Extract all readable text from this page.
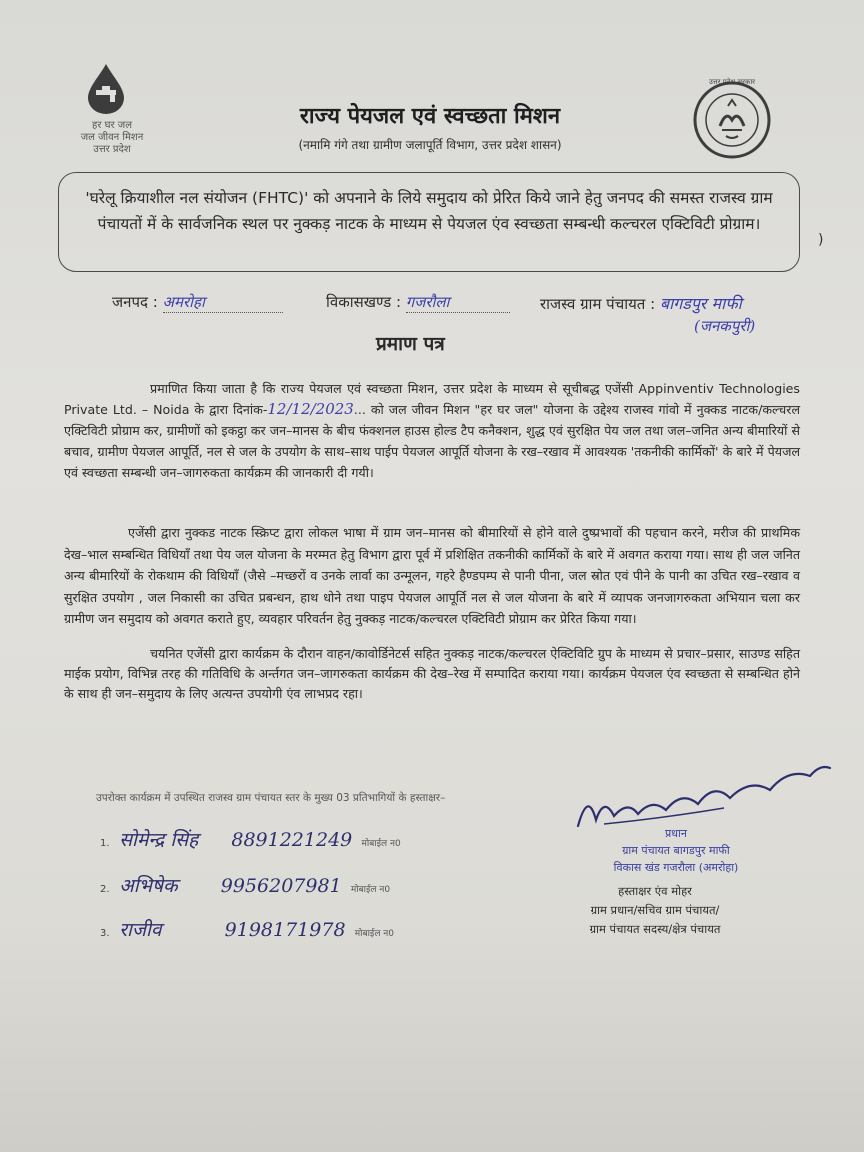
हर घर जल
जल जीवन मिशन
उत्तर प्रदेश
राज्य पेयजल एवं स्वच्छता मिशन
(नमामि गंगे तथा ग्रामीण जलापूर्ति विभाग, उत्तर प्रदेश शासन)
उत्तर प्रदेश सरकार
'घरेलू क्रियाशील नल संयोजन (FHTC)' को अपनाने के लिये समुदाय को प्रेरित किये जाने हेतु जनपद की समस्त राजस्व ग्राम पंचायतों में के सार्वजनिक स्थल पर नुक्कड़ नाटक के माध्यम से पेयजल एंव स्वच्छता सम्बन्धी कल्चरल एक्टिविटी प्रोग्राम।
)
जनपद : अमरोहा	विकासखण्ड : गजरौला	राजस्व ग्राम पंचायत : बागडपुर माफी
(जनकपुरी)
प्रमाण पत्र
प्रमाणित किया जाता है कि राज्य पेयजल एवं स्वच्छता मिशन, उत्तर प्रदेश के माध्यम से सूचीबद्ध एजेंसी Appinventiv Technologies Private Ltd. – Noida के द्वारा दिनांक-12/12/2023... को जल जीवन मिशन "हर घर जल" योजना के उद्देश्य राजस्व गांवो में नुक्कड नाटक/कल्चरल एक्टिविटी प्रोग्राम कर, ग्रामीणों को इकट्ठा कर जन–मानस के बीच फंक्शनल हाउस होल्ड टैप कनैक्शन, शुद्ध एवं सुरक्षित पेय जल तथा जल–जनित अन्य बीमारियों से बचाव, ग्रामीण पेयजल आपूर्ति, नल से जल के उपयोग के साथ–साथ पाईप पेयजल आपूर्ति योजना के रख–रखाव में आवश्यक 'तकनीकी कार्मिकों' के बारे में पेयजल एवं स्वच्छता सम्बन्धी जन–जागरुकता कार्यक्रम की जानकारी दी गयी।
एजेंसी द्वारा नुक्कड नाटक स्क्रिप्ट द्वारा लोकल भाषा में ग्राम जन–मानस को बीमारियों से होने वाले दुष्प्रभावों की पहचान करने, मरीज की प्राथमिक देख–भाल सम्बन्धित विधियाँ तथा पेय जल योजना के मरम्मत हेतु विभाग द्वारा पूर्व में प्रशिक्षित तकनीकी कार्मिकों के बारे में अवगत कराया गया। साथ ही जल जनित अन्य बीमारियों के रोकथाम की विधियाँ (जैसे –मच्छरों व उनके लार्वा का उन्मूलन, गहरे हैण्डपम्प से पानी पीना, जल स्रोत एवं पीने के पानी का उचित रख–रखाव व सुरक्षित उपयोग , जल निकासी का उचित प्रबन्धन, हाथ धोने तथा पाइप पेयजल आपूर्ति नल से जल योजना के बारे में व्यापक जनजागरुकता अभियान चला कर ग्रामीण जन समुदाय को अवगत कराते हुए, व्यवहार परिवर्तन हेतु नुक्कड़ नाटक/कल्चरल एक्टिविटी प्रोग्राम कर प्रेरित किया गया।
चयनित एजेंसी द्वारा कार्यक्रम के दौरान वाहन/कावोर्डिनेटर्स सहित नुक्कड़ नाटक/कल्चरल ऐक्टिविटि ग्रुप के माध्यम से प्रचार–प्रसार, साउण्ड सहित माईक प्रयोग, विभिन्न तरह की गतिविधि के अर्न्तगत जन–जागरुकता कार्यक्रम की देख–रेख में सम्पादित कराया गया। कार्यक्रम पेयजल एंव स्वच्छता से सम्बन्धित होने के साथ ही जन–समुदाय के लिए अत्यन्त उपयोगी एंव लाभप्रद रहा।
उपरोक्त कार्यक्रम में उपस्थित राजस्व ग्राम पंचायत स्तर के मुख्य 03 प्रतिभागियों के हस्ताक्षर–
1. सोमेन्द्र सिंह 8891221249 मोबाईल न0
2. अभिषेक 9956207981 मोबाईल न0
3. राजीव	9198171978 मोबाईल न0
प्रधान
ग्राम पंचायत बागडपुर माफी
विकास खंड गजरौला (अमरोहा)
हस्ताक्षर एंव मोहर
ग्राम प्रधान/सचिव ग्राम पंचायत/
ग्राम पंचायत सदस्य/क्षेत्र पंचायत
